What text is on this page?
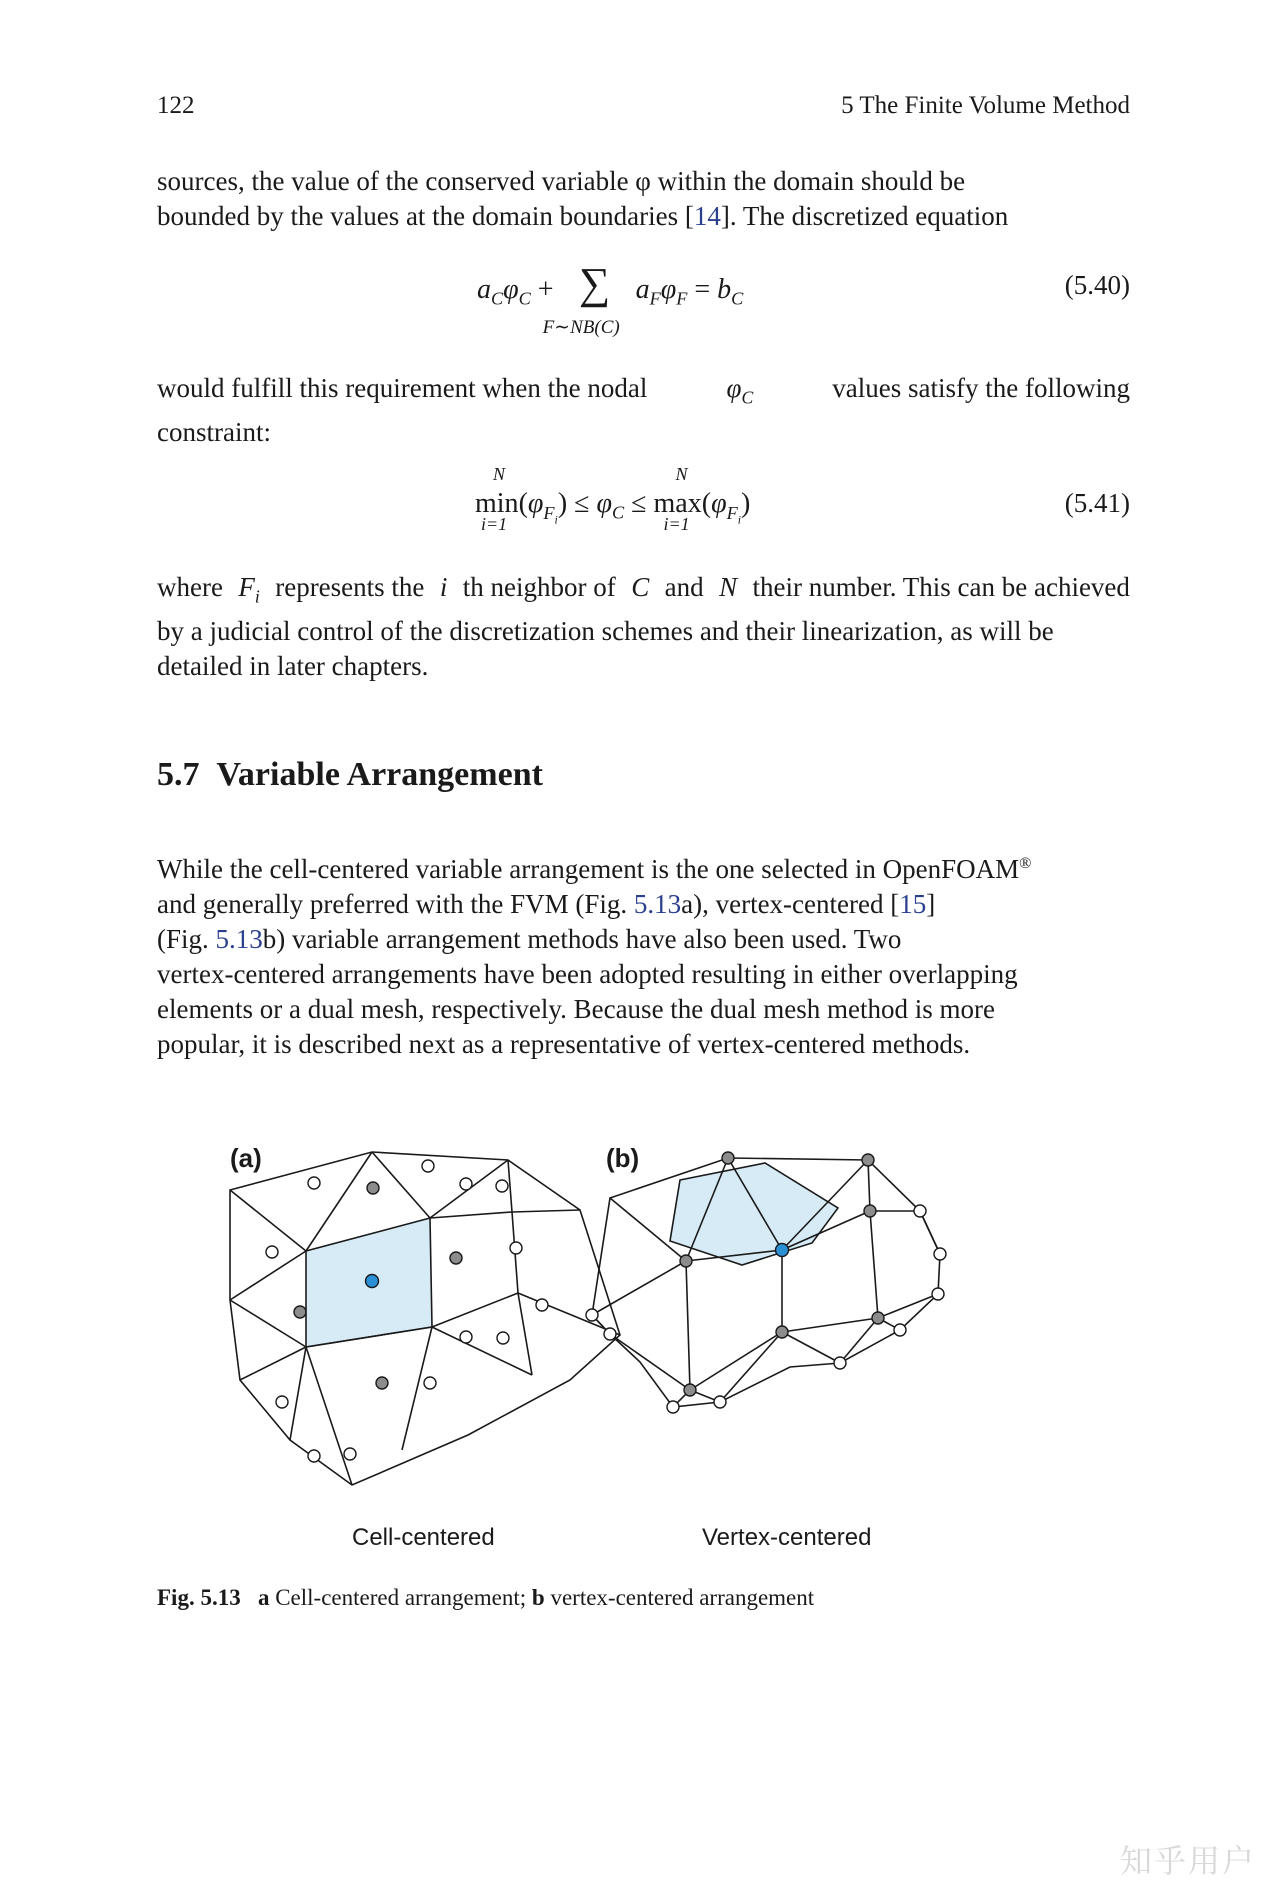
122	5 The Finite Volume Method
sources, the value of the conserved variable φ within the domain should be
bounded by the values at the domain boundaries [14]. The discretized equation
$a_C\varphi_C$ + ∑
F∼NB(C)
$a_F\varphi_F = b_C$	(5.40)
would fulfill this requirement when the nodal	$\varphi_C$	values satisfy the following
constraint:
N
min
i=1
$(\varphi_{F_i}) \le \varphi_C$ ≤
N
max
i=1
$(\varphi_{F_i})$	(5.41)
where $F_i$ represents the i th neighbor of C and N their number. This can be achieved
by a judicial control of the discretization schemes and their linearization, as will be
detailed in later chapters.
5.7 Variable Arrangement
While the cell-centered variable arrangement is the one selected in OpenFOAM®
and generally preferred with the FVM (Fig. 5.13a), vertex-centered [15]
(Fig. 5.13b) variable arrangement methods have also been used. Two
vertex-centered arrangements have been adopted resulting in either overlapping
elements or a dual mesh, respectively. Because the dual mesh method is more
popular, it is described next as a representative of vertex-centered methods.
(a)
Cell-centered
(b)
Vertex-centered
Fig. 5.13 a Cell-centered arrangement; b vertex-centered arrangement
知乎用户
